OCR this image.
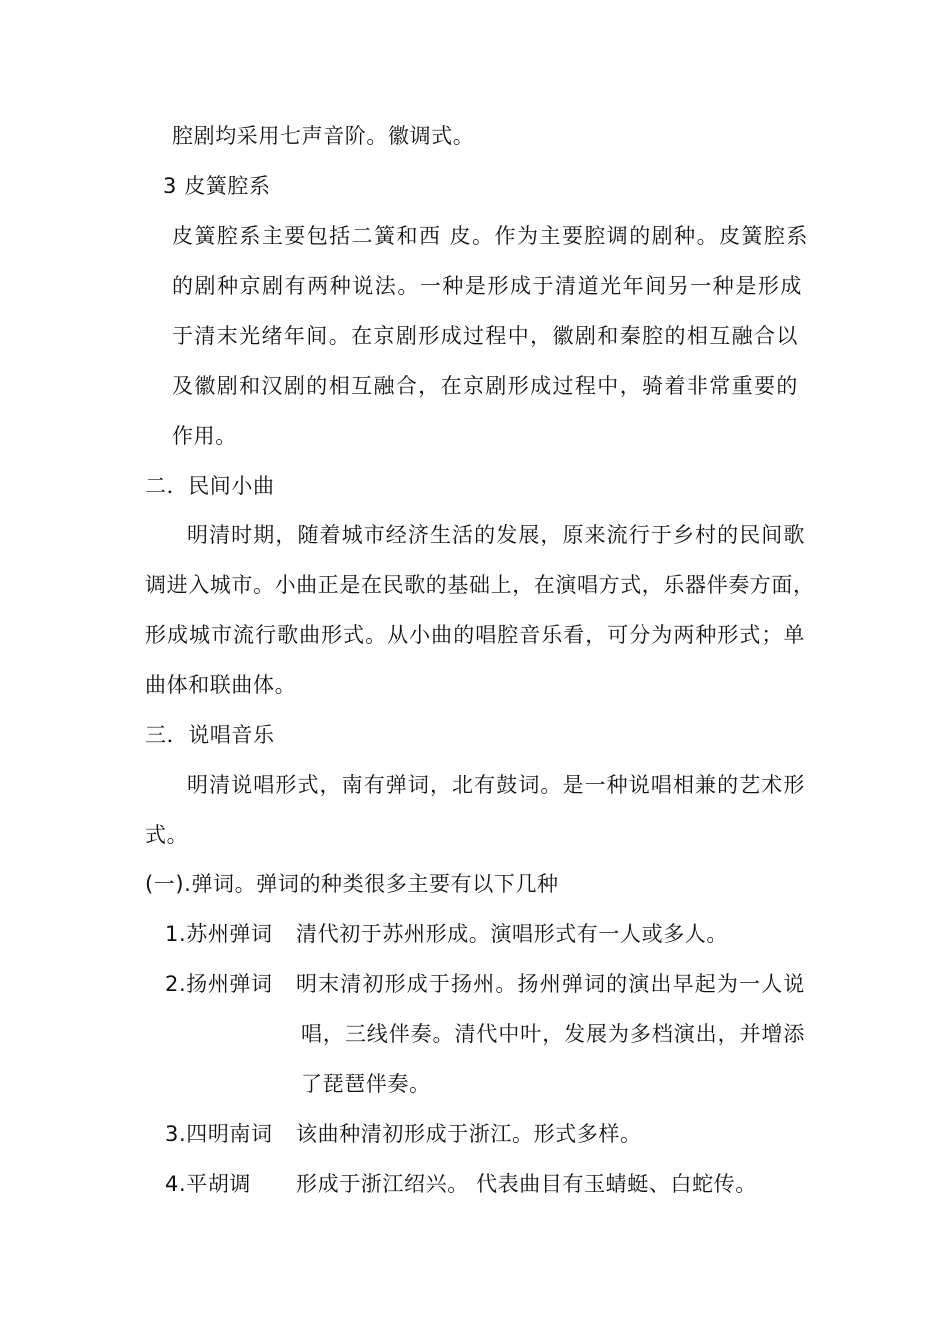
腔剧均采用七声音阶。徽调式。
3 皮簧腔系
皮簧腔系主要包括二簧和西 皮。作为主要腔调的剧种。皮簧腔系
的剧种京剧有两种说法。一种是形成于清道光年间另一种是形成
于清末光绪年间。在京剧形成过程中，徽剧和秦腔的相互融合以
及徽剧和汉剧的相互融合，在京剧形成过程中，骑着非常重要的
作用。
二．民间小曲
明清时期，随着城市经济生活的发展，原来流行于乡村的民间歌
调进入城市。小曲正是在民歌的基础上，在演唱方式，乐器伴奏方面，
形成城市流行歌曲形式。从小曲的唱腔音乐看，可分为两种形式；单
曲体和联曲体。
三．说唱音乐
明清说唱形式，南有弹词，北有鼓词。是一种说唱相兼的艺术形
式。
(一).弹词。弹词的种类很多主要有以下几种
1.苏州弹词 清代初于苏州形成。演唱形式有一人或多人。
2.扬州弹词 明末清初形成于扬州。扬州弹词的演出早起为一人说
唱，三线伴奏。清代中叶，发展为多档演出，并增添
了琵琶伴奏。
3.四明南词 该曲种清初形成于浙江。形式多样。
4.平胡调 形成于浙江绍兴。 代表曲目有玉蜻蜓、白蛇传。
